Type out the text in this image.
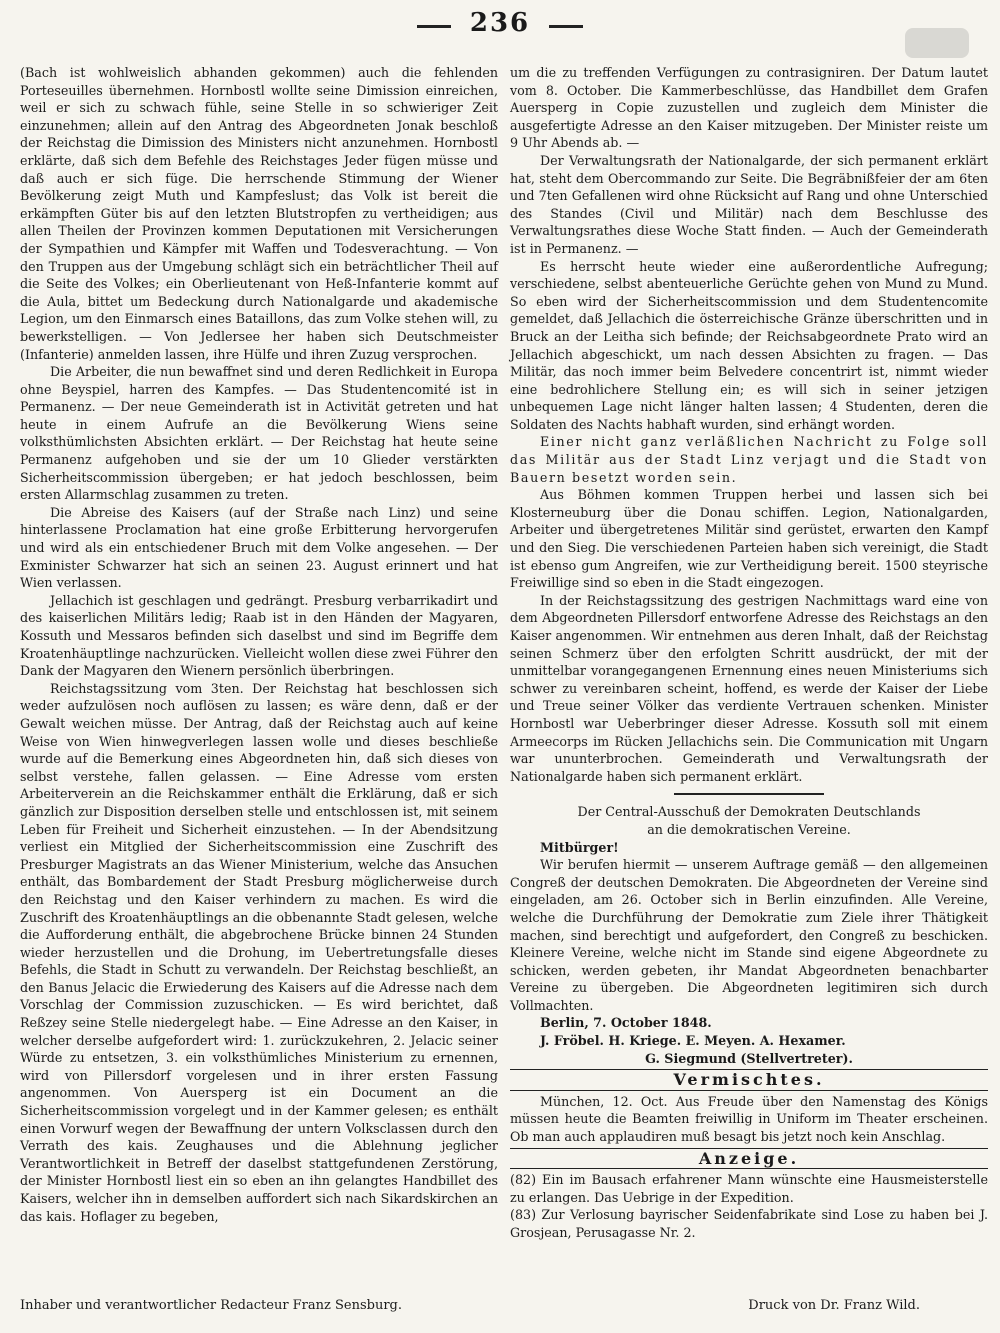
236

(Bach ist wohlweislich abhanden gekommen) auch die fehlenden Porteseuilles übernehmen. Hornbostl wollte seine Dimission einreichen, weil er sich zu schwach fühle, seine Stelle in so schwieriger Zeit einzunehmen; allein auf den Antrag des Abgeordneten Jonak beschloß der Reichstag die Dimission des Ministers nicht anzunehmen. Hornbostl erklärte, daß sich dem Befehle des Reichstages Jeder fügen müsse und daß auch er sich füge. Die herrschende Stimmung der Wiener Bevölkerung zeigt Muth und Kampfeslust; das Volk ist bereit die erkämpften Güter bis auf den letzten Blutstropfen zu vertheidigen; aus allen Theilen der Provinzen kommen Deputationen mit Versicherungen der Sympathien und Kämpfer mit Waffen und Todesverachtung. — Von den Truppen aus der Umgebung schlägt sich ein beträchtlicher Theil auf die Seite des Volkes; ein Oberlieutenant von Heß-Infanterie kommt auf die Aula, bittet um Bedeckung durch Nationalgarde und akademische Legion, um den Einmarsch eines Bataillons, das zum Volke stehen will, zu bewerkstelligen. — Von Jedlersee her haben sich Deutschmeister (Infanterie) anmelden lassen, ihre Hülfe und ihren Zuzug versprochen.

Die Arbeiter, die nun bewaffnet sind und deren Redlichkeit in Europa ohne Beyspiel, harren des Kampfes. — Das Studentencomité ist in Permanenz. — Der neue Gemeinderath ist in Activität getreten und hat heute in einem Aufrufe an die Bevölkerung Wiens seine volksthümlichsten Absichten erklärt. — Der Reichstag hat heute seine Permanenz aufgehoben und sie der um 10 Glieder verstärkten Sicherheitscommission übergeben; er hat jedoch beschlossen, beim ersten Allarmschlag zusammen zu treten.

Die Abreise des Kaisers (auf der Straße nach Linz) und seine hinterlassene Proclamation hat eine große Erbitterung hervorgerufen und wird als ein entschiedener Bruch mit dem Volke angesehen. — Der Exminister Schwarzer hat sich an seinen 23. August erinnert und hat Wien verlassen.

Jellachich ist geschlagen und gedrängt. Presburg verbarrikadirt und des kaiserlichen Militärs ledig; Raab ist in den Händen der Magyaren, Kossuth und Messaros befinden sich daselbst und sind im Begriffe dem Kroatenhäuptlinge nachzurücken. Vielleicht wollen diese zwei Führer den Dank der Magyaren den Wienern persönlich überbringen.

Reichstagssitzung vom 3ten. Der Reichstag hat beschlossen sich weder aufzulösen noch auflösen zu lassen; es wäre denn, daß er der Gewalt weichen müsse. Der Antrag, daß der Reichstag auch auf keine Weise von Wien hinwegverlegen lassen wolle und dieses beschließe wurde auf die Bemerkung eines Abgeordneten hin, daß sich dieses von selbst verstehe, fallen gelassen. — Eine Adresse vom ersten Arbeiterverein an die Reichskammer enthält die Erklärung, daß er sich gänzlich zur Disposition derselben stelle und entschlossen ist, mit seinem Leben für Freiheit und Sicherheit einzustehen. — In der Abendsitzung verliest ein Mitglied der Sicherheitscommission eine Zuschrift des Presburger Magistrats an das Wiener Ministerium, welche das Ansuchen enthält, das Bombardement der Stadt Presburg möglicherweise durch den Reichstag und den Kaiser verhindern zu machen. Es wird die Zuschrift des Kroatenhäuptlings an die obbenannte Stadt gelesen, welche die Aufforderung enthält, die abgebrochene Brücke binnen 24 Stunden wieder herzustellen und die Drohung, im Uebertretungsfalle dieses Befehls, die Stadt in Schutt zu verwandeln. Der Reichstag beschließt, an den Banus Jelacic die Erwiederung des Kaisers auf die Adresse nach dem Vorschlag der Commission zuzuschicken. — Es wird berichtet, daß Reßzey seine Stelle niedergelegt habe. — Eine Adresse an den Kaiser, in welcher derselbe aufgefordert wird: 1. zurückzukehren, 2. Jelacic seiner Würde zu entsetzen, 3. ein volksthümliches Ministerium zu ernennen, wird von Pillersdorf vorgelesen und in ihrer ersten Fassung angenommen. Von Auersperg ist ein Document an die Sicherheitscommission vorgelegt und in der Kammer gelesen; es enthält einen Vorwurf wegen der Bewaffnung der untern Volksclassen durch den Verrath des kais. Zeughauses und die Ablehnung jeglicher Verantwortlichkeit in Betreff der daselbst stattgefundenen Zerstörung, der Minister Hornbostl liest ein so eben an ihn gelangtes Handbillet des Kaisers, welcher ihn in demselben auffordert sich nach Sikardskirchen an das kais. Hoflager zu begeben,

um die zu treffenden Verfügungen zu contrasigniren. Der Datum lautet vom 8. October. Die Kammerbeschlüsse, das Handbillet dem Grafen Auersperg in Copie zuzustellen und zugleich dem Minister die ausgefertigte Adresse an den Kaiser mitzugeben. Der Minister reiste um 9 Uhr Abends ab. —

Der Verwaltungsrath der Nationalgarde, der sich permanent erklärt hat, steht dem Obercommando zur Seite. Die Begräbnißfeier der am 6ten und 7ten Gefallenen wird ohne Rücksicht auf Rang und ohne Unterschied des Standes (Civil und Militär) nach dem Beschlusse des Verwaltungsrathes diese Woche Statt finden. — Auch der Gemeinderath ist in Permanenz. —

Es herrscht heute wieder eine außerordentliche Aufregung; verschiedene, selbst abenteuerliche Gerüchte gehen von Mund zu Mund. So eben wird der Sicherheitscommission und dem Studentencomite gemeldet, daß Jellachich die österreichische Gränze überschritten und in Bruck an der Leitha sich befinde; der Reichsabgeordnete Prato wird an Jellachich abgeschickt, um nach dessen Absichten zu fragen. — Das Militär, das noch immer beim Belvedere concentrirt ist, nimmt wieder eine bedrohlichere Stellung ein; es will sich in seiner jetzigen unbequemen Lage nicht länger halten lassen; 4 Studenten, deren die Soldaten des Nachts habhaft wurden, sind erhängt worden.

Einer nicht ganz verläßlichen Nachricht zu Folge soll das Militär aus der Stadt Linz verjagt und die Stadt von Bauern besetzt worden sein.

Aus Böhmen kommen Truppen herbei und lassen sich bei Klosterneuburg über die Donau schiffen. Legion, Nationalgarden, Arbeiter und übergetretenes Militär sind gerüstet, erwarten den Kampf und den Sieg. Die verschiedenen Parteien haben sich vereinigt, die Stadt ist ebenso gum Angreifen, wie zur Vertheidigung bereit. 1500 steyrische Freiwillige sind so eben in die Stadt eingezogen.

In der Reichstagssitzung des gestrigen Nachmittags ward eine von dem Abgeordneten Pillersdorf entworfene Adresse des Reichstags an den Kaiser angenommen. Wir entnehmen aus deren Inhalt, daß der Reichstag seinen Schmerz über den erfolgten Schritt ausdrückt, der mit der unmittelbar vorangegangenen Ernennung eines neuen Ministeriums sich schwer zu vereinbaren scheint, hoffend, es werde der Kaiser der Liebe und Treue seiner Völker das verdiente Vertrauen schenken. Minister Hornbostl war Ueberbringer dieser Adresse. Kossuth soll mit einem Armeecorps im Rücken Jellachichs sein. Die Communication mit Ungarn war ununterbrochen. Gemeinderath und Verwaltungsrath der Nationalgarde haben sich permanent erklärt.

Der Central-Ausschuß der Demokraten Deutschlands

an die demokratischen Vereine.

Mitbürger!

Wir berufen hiermit — unserem Auftrage gemäß — den allgemeinen Congreß der deutschen Demokraten. Die Abgeordneten der Vereine sind eingeladen, am 26. October sich in Berlin einzufinden. Alle Vereine, welche die Durchführung der Demokratie zum Ziele ihrer Thätigkeit machen, sind berechtigt und aufgefordert, den Congreß zu beschicken. Kleinere Vereine, welche nicht im Stande sind eigene Abgeordnete zu schicken, werden gebeten, ihr Mandat Abgeordneten benachbarter Vereine zu übergeben. Die Abgeordneten legitimiren sich durch Vollmachten.

Berlin, 7. October 1848.

J. Fröbel. H. Kriege. E. Meyen. A. Hexamer.

G. Siegmund (Stellvertreter).

Vermischtes.

München, 12. Oct. Aus Freude über den Namenstag des Königs müssen heute die Beamten freiwillig in Uniform im Theater erscheinen. Ob man auch applaudiren muß besagt bis jetzt noch kein Anschlag.

Anzeige.

(82) Ein im Bausach erfahrener Mann wünschte eine Hausmeisterstelle zu erlangen. Das Uebrige in der Expedition.

(83) Zur Verlosung bayrischer Seidenfabrikate sind Lose zu haben bei J. Grosjean, Perusagasse Nr. 2.

Inhaber und verantwortlicher Redacteur Franz Sensburg.	Druck von Dr. Franz Wild.
